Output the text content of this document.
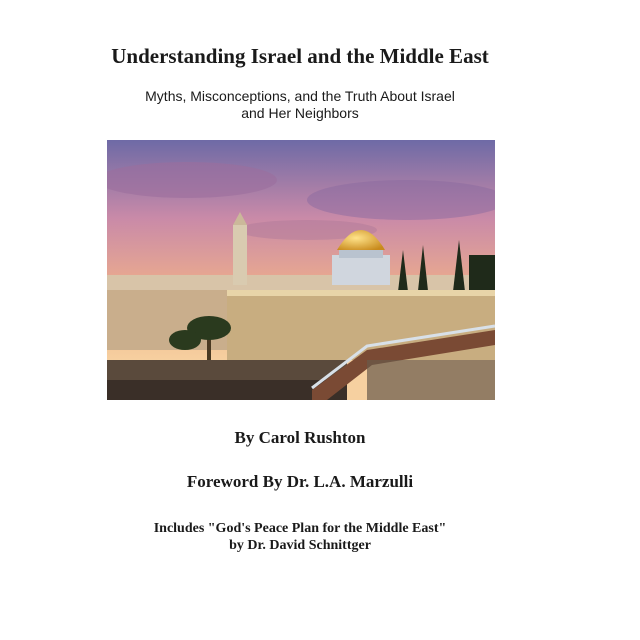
Understanding Israel and the Middle East
Myths, Misconceptions, and the Truth About Israel
and Her Neighbors
By Carol Rushton
Foreword By Dr. L.A. Marzulli
Includes "God's Peace Plan for the Middle East"
by Dr. David Schnittger
